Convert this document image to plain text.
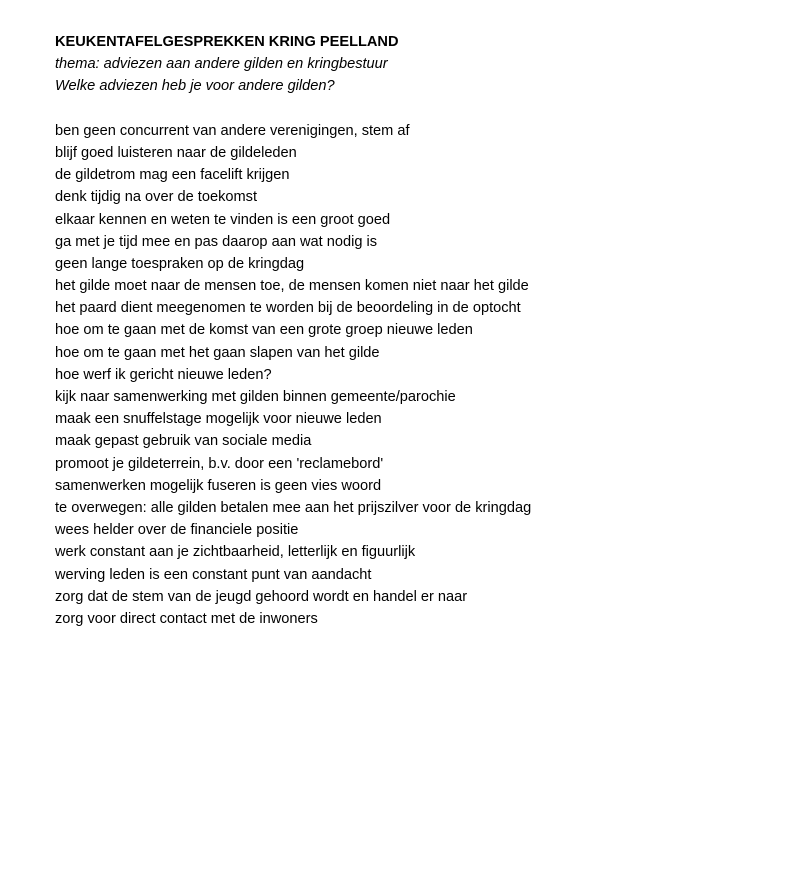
KEUKENTAFELGESPREKKEN KRING PEELLAND

thema: adviezen aan andere gilden en kringbestuur

Welke adviezen heb je voor andere gilden?

ben geen concurrent van andere verenigingen, stem af
blijf goed luisteren naar de gildeleden
de gildetrom mag een facelift krijgen
denk tijdig na over de toekomst
elkaar kennen en weten te vinden is een groot goed
ga met je tijd mee en pas daarop aan wat nodig is
geen lange toespraken op de kringdag
het gilde moet naar de mensen toe, de mensen komen niet naar het gilde
het paard dient meegenomen te worden bij de beoordeling in de optocht
hoe om te gaan met de komst van een grote groep nieuwe leden
hoe om te gaan met het gaan slapen van het gilde
hoe werf ik gericht nieuwe leden?
kijk naar samenwerking met gilden binnen gemeente/parochie
maak een snuffelstage mogelijk voor nieuwe leden
maak gepast gebruik van sociale media
promoot je gildeterrein, b.v. door een 'reclamebord'
samenwerken mogelijk fuseren is geen vies woord
te overwegen: alle gilden betalen mee aan het prijszilver voor de kringdag
wees helder over de financiele positie
werk constant aan je zichtbaarheid, letterlijk en figuurlijk
werving leden is een constant punt van aandacht
zorg dat de stem van de jeugd gehoord wordt en handel er naar
zorg voor direct contact met de inwoners
